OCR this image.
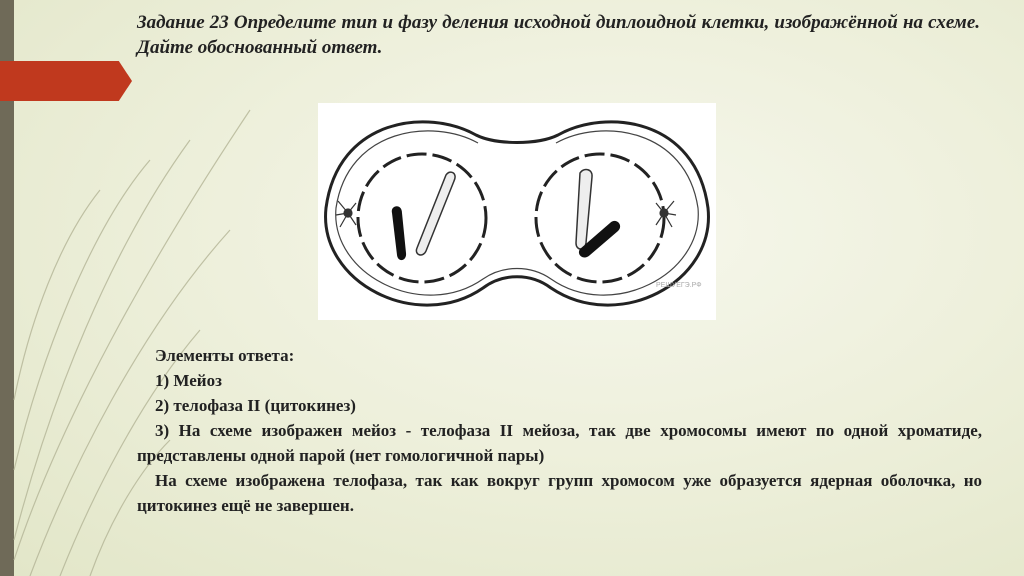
Задание 23 Определите тип и фазу деления исходной диплоидной клетки, изображённой на схеме. Дайте обоснованный ответ.
РЕШУЕГЭ.РФ

Элементы ответа:

1) Мейоз

2) телофаза II (цитокинез)

3) На схеме изображен мейоз - телофаза II мейоза, так две хромосомы имеют по одной хроматиде, представлены одной парой (нет гомологичной пары)

На схеме изображена телофаза, так как вокруг групп хромосом уже образуется ядерная оболочка, но цитокинез ещё не завершен.
